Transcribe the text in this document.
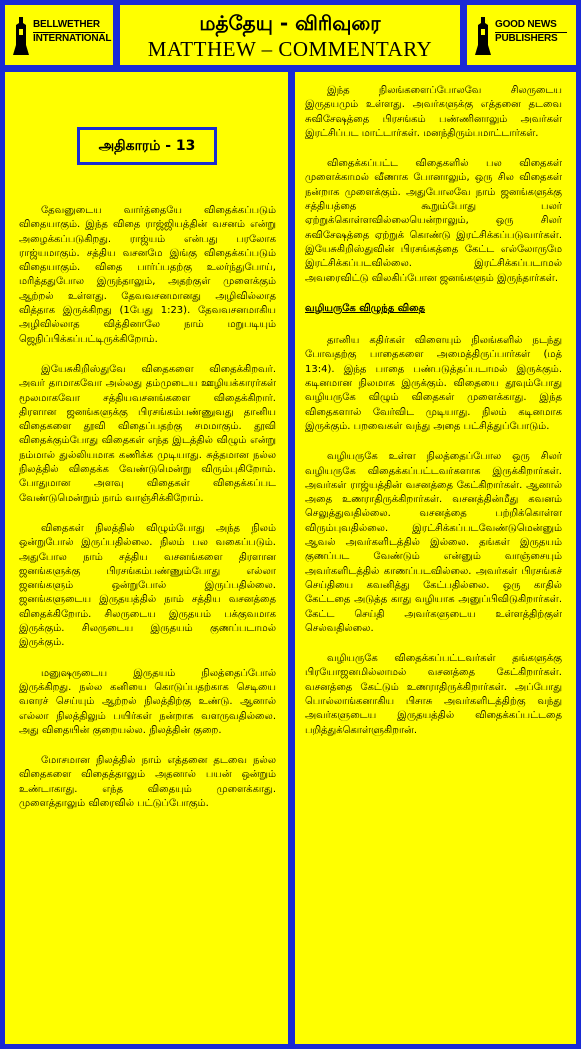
BELLWETHER
INTERNATIONAL
மத்தேயு - விரிவுரை
MATTHEW – COMMENTARY
GOOD NEWS
PUBLISHERS
அதிகாரம் - 13

தேவனுடைய வார்த்தையே விதைக்கப்படும் விதையாகும். இந்த விதை ராஜ்ஜியத்தின் வசனம் என்று அழைக்கப்படுகிறது. ராஜ்யம் என்பது பரலோக ராஜ்யமாகும். சத்திய வசனமே இங்கு விதைக்கப்படும் விதையாகும். விதை பார்ப்பதற்கு உலர்ந்துபோய், மரித்ததுபோல இருந்தாலும், அதற்குள் முளைக்கும் ஆற்றல் உள்ளது. தேவவசனமானது அழிவில்லாத வித்தாக இருக்கிறது (1பேது 1:23). தேவவசனமாகிய அழிவில்லாத வித்தினாலே நாம் மறுபடியும் ஜெநிப்பிக்கப்பட்டிருக்கிறோம்.

இயேசுகிறிஸ்துவே விதைகளை விதைக்கிறவர். அவர் தாமாகவோ அல்லது தம்முடைய ஊழியக்காரர்கள் மூலமாகவோ சத்தியவசனங்களை விதைக்கிறார். திரளான ஜனங்களுக்கு பிரசங்கம்பண்ணுவது தானிய விதைகளை தூவி விதைப்பதற்கு சமமாகும். தூவி விதைக்கும்போது விதைகள் எந்த இடத்தில் விழும் என்று நம்மால் துல்லியமாக கணிக்க முடியாது. சுத்தமான நல்ல நிலத்தில் விதைக்க வேண்டுமென்று விரும்புகிறோம். போதுமான அளவு விதைகள் விதைக்கப்பட வேண்டுமென்றும் நாம் வாஞ்சிக்கிறோம்.

விதைகள் நிலத்தில் விழும்போது அந்த நிலம் ஒன்றுபோல் இருப்பதில்லை. நிலம் பல வகைப்படும். அதுபோல நாம் சத்திய வசனங்களை திரளான ஜனங்களுக்கு பிரசங்கம்பண்ணும்போது எல்லா ஜனங்களும் ஒன்றுபோல் இருப்பதில்லை. ஜனங்களுடைய இருதயத்தில் நாம் சத்திய வசனத்தை விதைக்கிறோம். சிலருடைய இருதயம் பக்குவமாக இருக்கும். சிலருடைய இருதயம் குணப்படாமல் இருக்கும்.

மனுஷருடைய இருதயம் நிலத்தைப்போல் இருக்கிறது. நல்ல கனியை கொடுப்பதற்காக செடியை வளரச் செய்யும் ஆற்றல் நிலத்திற்கு உண்டு. ஆனால் எல்லா நிலத்திலும் பயிர்கள் நன்றாக வளருவதில்லை. அது விதையின் குறையல்ல. நிலத்தின் குறை.

மோசமான நிலத்தில் நாம் எத்தனை தடவை நல்ல விதைகளை விதைத்தாலும் அதனால் பயன் ஒன்றும் உண்டாகாது. எந்த விதையும் முளைக்காது. முளைத்தாலும் விரைவில் பட்டுப்போகும்.

இந்த நிலங்களைப்போலவே சிலருடைய இருதயமும் உள்ளது. அவர்களுக்கு எத்தனை தடவை சுவிசேஷத்தை பிரசங்கம் பண்ணினாலும் அவர்கள் இரட்சிப்பட மாட்டார்கள். மனந்திரும்பமாட்டார்கள்.

விதைக்கப்பட்ட விதைகளில் பல விதைகள் முளைக்காமல் வீணாக போனாலும், ஒரு சில விதைகள் நன்றாக முளைக்கும். அதுபோலவே நாம் ஜனங்களுக்கு சத்தியத்தை கூறும்போது பலர் ஏற்றுக்கொள்ளவில்லையென்றாலும், ஒரு சிலர் சுவிசேஷத்தை ஏற்றுக் கொண்டு இரட்சிக்கப்படுவார்கள். இயேசுகிறிஸ்துவின் பிரசங்கத்தை கேட்ட எல்லோருமே இரட்சிக்கப்படவில்லை. இரட்சிக்கப்படாமல் அவரைவிட்டு விலகிப்போன ஜனங்களும் இருந்தார்கள்.

வழியருகே விழுந்த விதை

தானிய கதிர்கள் விளையும் நிலங்களில் நடந்து போவதற்கு பாதைகளை அமைத்திருப்பார்கள் (மத் 13:4). இந்த பாதை பண்படுத்தப்படாமல் இருக்கும். கடினமான நிலமாக இருக்கும். விதையை தூவும்போது வழியருகே விழும் விதைகள் முளைக்காது. இந்த விதைகளால் வேர்விட முடியாது. நிலம் கடினமாக இருக்கும். பறவைகள் வந்து அதை பட்சித்துப்போடும்.

வழியருகே உள்ள நிலத்தைப்போல ஒரு சிலர் வழியருகே விதைக்கப்பட்டவர்களாக இருக்கிறார்கள். அவர்கள் ராஜ்யத்தின் வசனத்தை கேட்கிறார்கள். ஆனால் அதை உணராதிருக்கிறார்கள். வசனத்தின்மீது கவனம் செலுத்துவதில்லை. வசனத்தை பற்றிக்கொள்ள விரும்புவதில்லை. இரட்சிக்கப்படவேண்டுமென்னும் ஆவல் அவர்களிடத்தில் இல்லை. தங்கள் இருதயம் குணப்பட வேண்டும் என்னும் வாஞ்சையும் அவர்களிடத்தில் காணப்படவில்லை. அவர்கள் பிரசங்கச் செய்தியை கவனித்து கேட்பதில்லை. ஒரு காதில் கேட்டதை அடுத்த காது வழியாக அனுப்பிவிடுகிறார்கள். கேட்ட செய்தி அவர்களுடைய உள்ளத்திற்குள் செல்வதில்லை.

வழியருகே விதைக்கப்பட்டவர்கள் தங்களுக்கு பிரயோஜனமில்லாமல் வசனத்தை கேட்கிறார்கள். வசனத்தை கேட்டும் உணராதிருக்கிறார்கள். அப்போது பொல்லாங்கனாகிய பிசாசு அவர்களிடத்திற்கு வந்து அவர்களுடைய இருதயத்தில் விதைக்கப்பட்டதை பறித்துக்கொள்ளுகிறான்.
